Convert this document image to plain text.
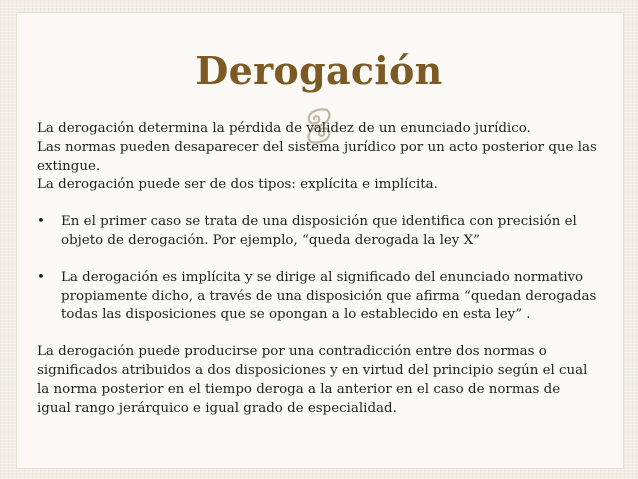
Derogación

La derogación determina la pérdida de validez de un enunciado jurídico.

Las normas pueden desaparecer del sistema jurídico por un acto posterior que las extingue.

La derogación puede ser de dos tipos: explícita e implícita.

• En el primer caso se trata de una disposición que identifica con precisión el objeto de derogación. Por ejemplo, “queda derogada la ley X”

• La derogación es implícita y se dirige al significado del enunciado normativo propiamente dicho, a través de una disposición que afirma “quedan derogadas todas las disposiciones que se opongan a lo establecido en esta ley” .

La derogación puede producirse por una contradicción entre dos normas o significados atribuidos a dos disposiciones y en virtud del principio según el cual la norma posterior en el tiempo deroga a la anterior en el caso de normas de igual rango jerárquico e igual grado de especialidad.
